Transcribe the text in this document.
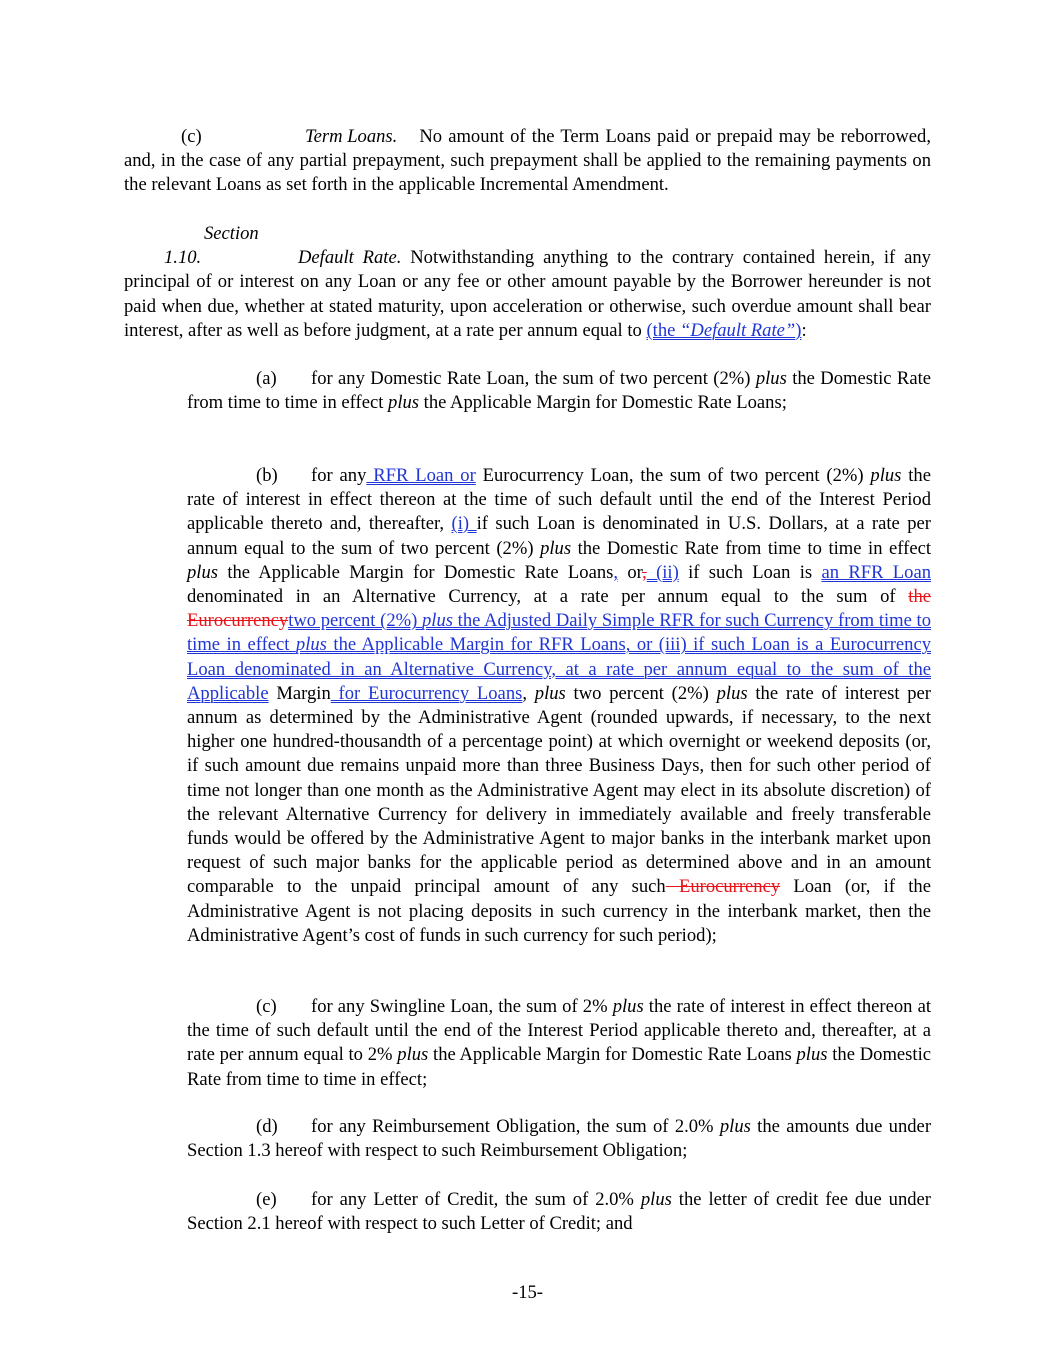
(c)	Term Loans. No amount of the Term Loans paid or prepaid may be reborrowed, and, in the case of any partial prepayment, such prepayment shall be applied to the remaining payments on the relevant Loans as set forth in the applicable Incremental Amendment.

Section 1.10.	Default Rate. Notwithstanding anything to the contrary contained herein, if any principal of or interest on any Loan or any fee or other amount payable by the Borrower hereunder is not paid when due, whether at stated maturity, upon acceleration or otherwise, such overdue amount shall bear interest, after as well as before judgment, at a rate per annum equal to (the “Default Rate”):

(a) for any Domestic Rate Loan, the sum of two percent (2%) plus the Domestic Rate from time to time in effect plus the Applicable Margin for Domestic Rate Loans;

(b) for any RFR Loan or Eurocurrency Loan, the sum of two percent (2%) plus the rate of interest in effect thereon at the time of such default until the end of the Interest Period applicable thereto and, thereafter, (i) if such Loan is denominated in U.S. Dollars, at a rate per annum equal to the sum of two percent (2%) plus the Domestic Rate from time to time in effect plus the Applicable Margin for Domestic Rate Loans, or, (ii) if such Loan is an RFR Loan denominated in an Alternative Currency, at a rate per annum equal to the sum of the Eurocurrencytwo percent (2%) plus the Adjusted Daily Simple RFR for such Currency from time to time in effect plus the Applicable Margin for RFR Loans, or (iii) if such Loan is a Eurocurrency Loan denominated in an Alternative Currency, at a rate per annum equal to the sum of the Applicable Margin for Eurocurrency Loans, plus two percent (2%) plus the rate of interest per annum as determined by the Administrative Agent (rounded upwards, if necessary, to the next higher one hundred-thousandth of a percentage point) at which overnight or weekend deposits (or, if such amount due remains unpaid more than three Business Days, then for such other period of time not longer than one month as the Administrative Agent may elect in its absolute discretion) of the relevant Alternative Currency for delivery in immediately available and freely transferable funds would be offered by the Administrative Agent to major banks in the interbank market upon request of such major banks for the applicable period as determined above and in an amount comparable to the unpaid principal amount of any such Eurocurrency Loan (or, if the Administrative Agent is not placing deposits in such currency in the interbank market, then the Administrative Agent’s cost of funds in such currency for such period);

(c) for any Swingline Loan, the sum of 2% plus the rate of interest in effect thereon at the time of such default until the end of the Interest Period applicable thereto and, thereafter, at a rate per annum equal to 2% plus the Applicable Margin for Domestic Rate Loans plus the Domestic Rate from time to time in effect;

(d) for any Reimbursement Obligation, the sum of 2.0% plus the amounts due under Section 1.3 hereof with respect to such Reimbursement Obligation;

(e) for any Letter of Credit, the sum of 2.0% plus the letter of credit fee due under Section 2.1 hereof with respect to such Letter of Credit; and

-15-
